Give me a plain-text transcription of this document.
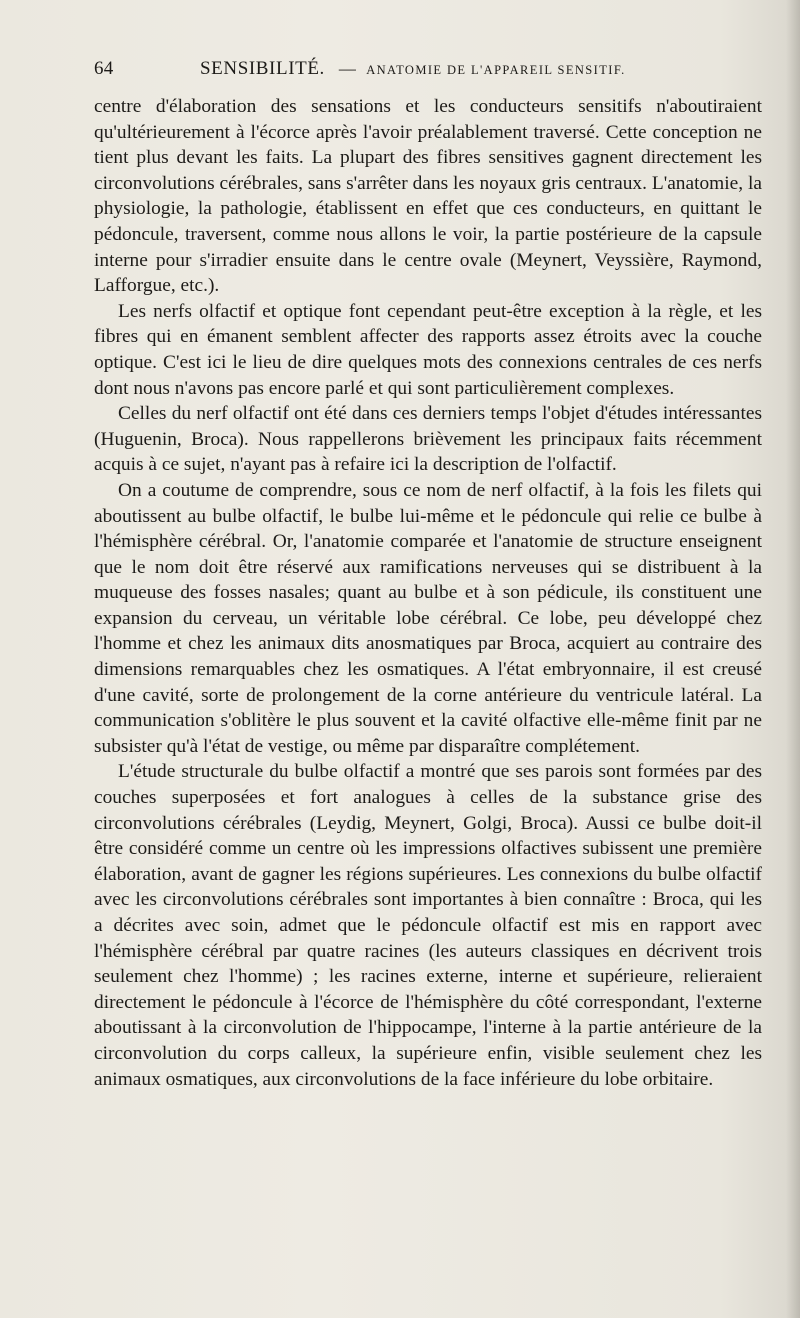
64	SENSIBILITÉ. — ANATOMIE DE L'APPAREIL SENSITIF.

centre d'élaboration des sensations et les conducteurs sensitifs n'aboutiraient qu'ultérieurement à l'écorce après l'avoir préalablement traversé. Cette conception ne tient plus devant les faits. La plupart des fibres sensitives gagnent directement les circonvolutions cérébrales, sans s'arrêter dans les noyaux gris centraux. L'anatomie, la physiologie, la pathologie, établissent en effet que ces conducteurs, en quittant le pédoncule, traversent, comme nous allons le voir, la partie postérieure de la capsule interne pour s'irradier ensuite dans le centre ovale (Meynert, Veyssière, Raymond, Lafforgue, etc.).

Les nerfs olfactif et optique font cependant peut-être exception à la règle, et les fibres qui en émanent semblent affecter des rapports assez étroits avec la couche optique. C'est ici le lieu de dire quelques mots des connexions centrales de ces nerfs dont nous n'avons pas encore parlé et qui sont particulièrement complexes.

Celles du nerf olfactif ont été dans ces derniers temps l'objet d'études intéressantes (Huguenin, Broca). Nous rappellerons brièvement les principaux faits récemment acquis à ce sujet, n'ayant pas à refaire ici la description de l'olfactif.

On a coutume de comprendre, sous ce nom de nerf olfactif, à la fois les filets qui aboutissent au bulbe olfactif, le bulbe lui-même et le pédoncule qui relie ce bulbe à l'hémisphère cérébral. Or, l'anatomie comparée et l'anatomie de structure enseignent que le nom doit être réservé aux ramifications nerveuses qui se distribuent à la muqueuse des fosses nasales; quant au bulbe et à son pédicule, ils constituent une expansion du cerveau, un véritable lobe cérébral. Ce lobe, peu développé chez l'homme et chez les animaux dits anosmatiques par Broca, acquiert au contraire des dimensions remarquables chez les osmatiques. A l'état embryonnaire, il est creusé d'une cavité, sorte de prolongement de la corne antérieure du ventricule latéral. La communication s'oblitère le plus souvent et la cavité olfactive elle-même finit par ne subsister qu'à l'état de vestige, ou même par disparaître complétement.

L'étude structurale du bulbe olfactif a montré que ses parois sont formées par des couches superposées et fort analogues à celles de la substance grise des circonvolutions cérébrales (Leydig, Meynert, Golgi, Broca). Aussi ce bulbe doit-il être considéré comme un centre où les impressions olfactives subissent une première élaboration, avant de gagner les régions supérieures. Les connexions du bulbe olfactif avec les circonvolutions cérébrales sont importantes à bien connaître : Broca, qui les a décrites avec soin, admet que le pédoncule olfactif est mis en rapport avec l'hémisphère cérébral par quatre racines (les auteurs classiques en décrivent trois seulement chez l'homme) ; les racines externe, interne et supérieure, relieraient directement le pédoncule à l'écorce de l'hémisphère du côté correspondant, l'externe aboutissant à la circonvolution de l'hippocampe, l'interne à la partie antérieure de la circonvolution du corps calleux, la supérieure enfin, visible seulement chez les animaux osmatiques, aux circonvolutions de la face inférieure du lobe orbitaire.
